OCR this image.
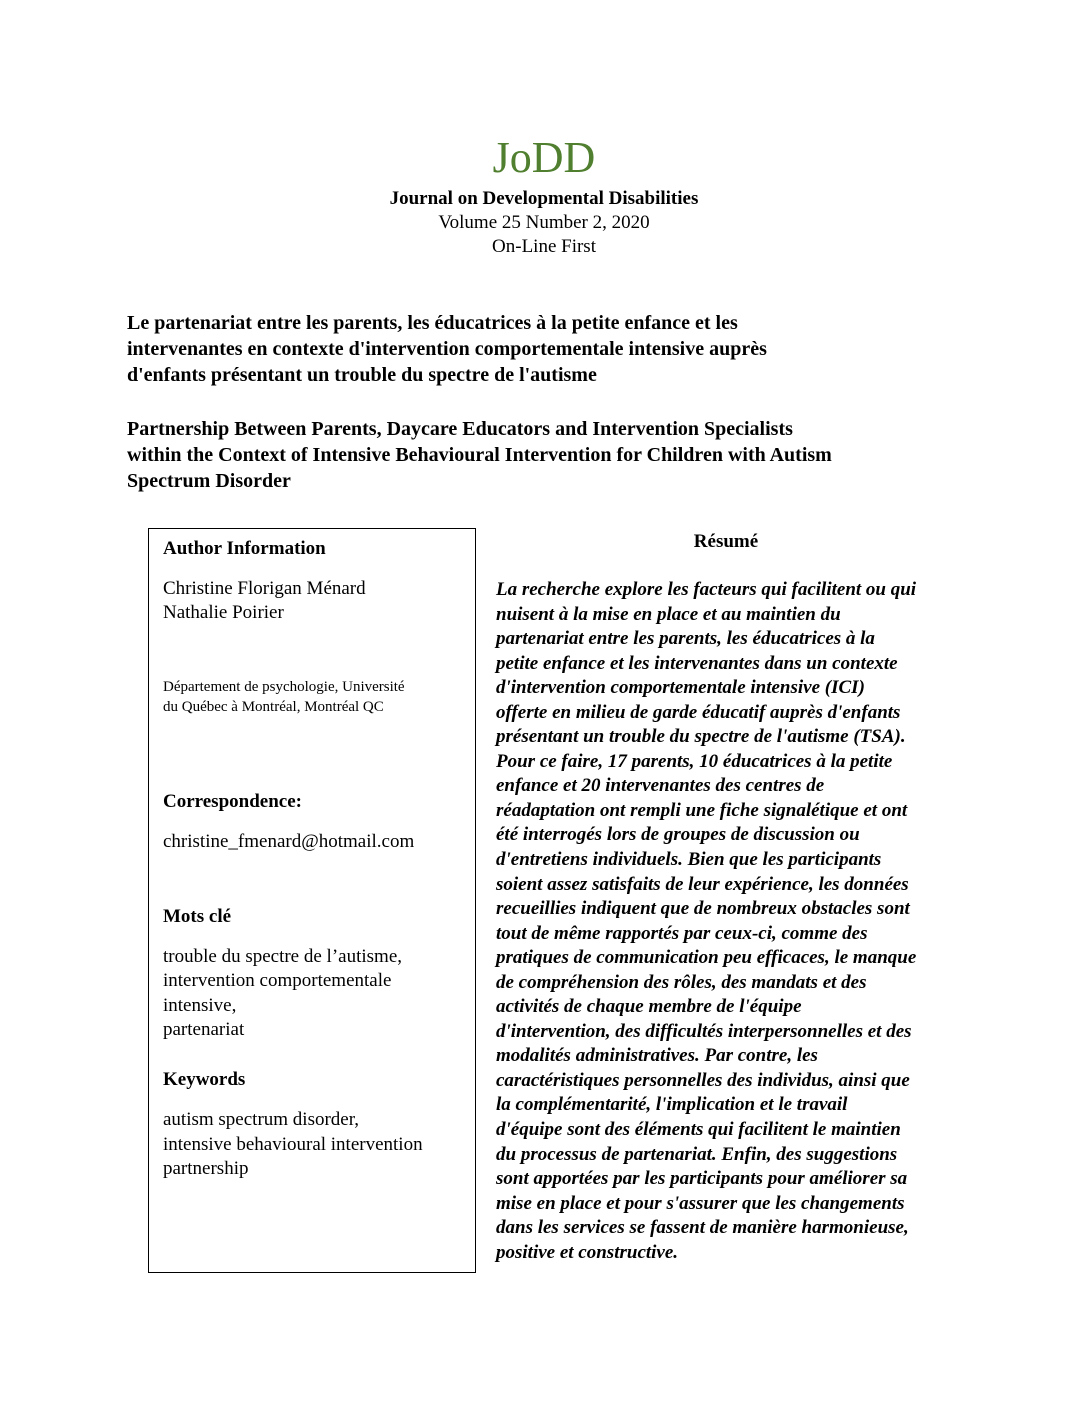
JoDD
Journal on Developmental Disabilities
Volume 25 Number 2, 2020
On-Line First
Le partenariat entre les parents, les éducatrices à la petite enfance et les
intervenantes en contexte d'intervention comportementale intensive auprès
d'enfants présentant un trouble du spectre de l'autisme
Partnership Between Parents, Daycare Educators and Intervention Specialists
within the Context of Intensive Behavioural Intervention for Children with Autism
Spectrum Disorder
Author Information
Christine Florigan Ménard
Nathalie Poirier
Département de psychologie, Université
du Québec à Montréal, Montréal QC
Correspondence:
christine_fmenard@hotmail.com
Mots clé
trouble du spectre de l’autisme,
intervention comportementale
intensive,
partenariat
Keywords
autism spectrum disorder,
intensive behavioural intervention
partnership
Résumé
La recherche explore les facteurs qui facilitent ou qui
nuisent à la mise en place et au maintien du
partenariat entre les parents, les éducatrices à la
petite enfance et les intervenantes dans un contexte
d'intervention comportementale intensive (ICI)
offerte en milieu de garde éducatif auprès d'enfants
présentant un trouble du spectre de l'autisme (TSA).
Pour ce faire, 17 parents, 10 éducatrices à la petite
enfance et 20 intervenantes des centres de
réadaptation ont rempli une fiche signalétique et ont
été interrogés lors de groupes de discussion ou
d'entretiens individuels. Bien que les participants
soient assez satisfaits de leur expérience, les données
recueillies indiquent que de nombreux obstacles sont
tout de même rapportés par ceux-ci, comme des
pratiques de communication peu efficaces, le manque
de compréhension des rôles, des mandats et des
activités de chaque membre de l'équipe
d'intervention, des difficultés interpersonnelles et des
modalités administratives. Par contre, les
caractéristiques personnelles des individus, ainsi que
la complémentarité, l'implication et le travail
d'équipe sont des éléments qui facilitent le maintien
du processus de partenariat. Enfin, des suggestions
sont apportées par les participants pour améliorer sa
mise en place et pour s'assurer que les changements
dans les services se fassent de manière harmonieuse,
positive et constructive.
